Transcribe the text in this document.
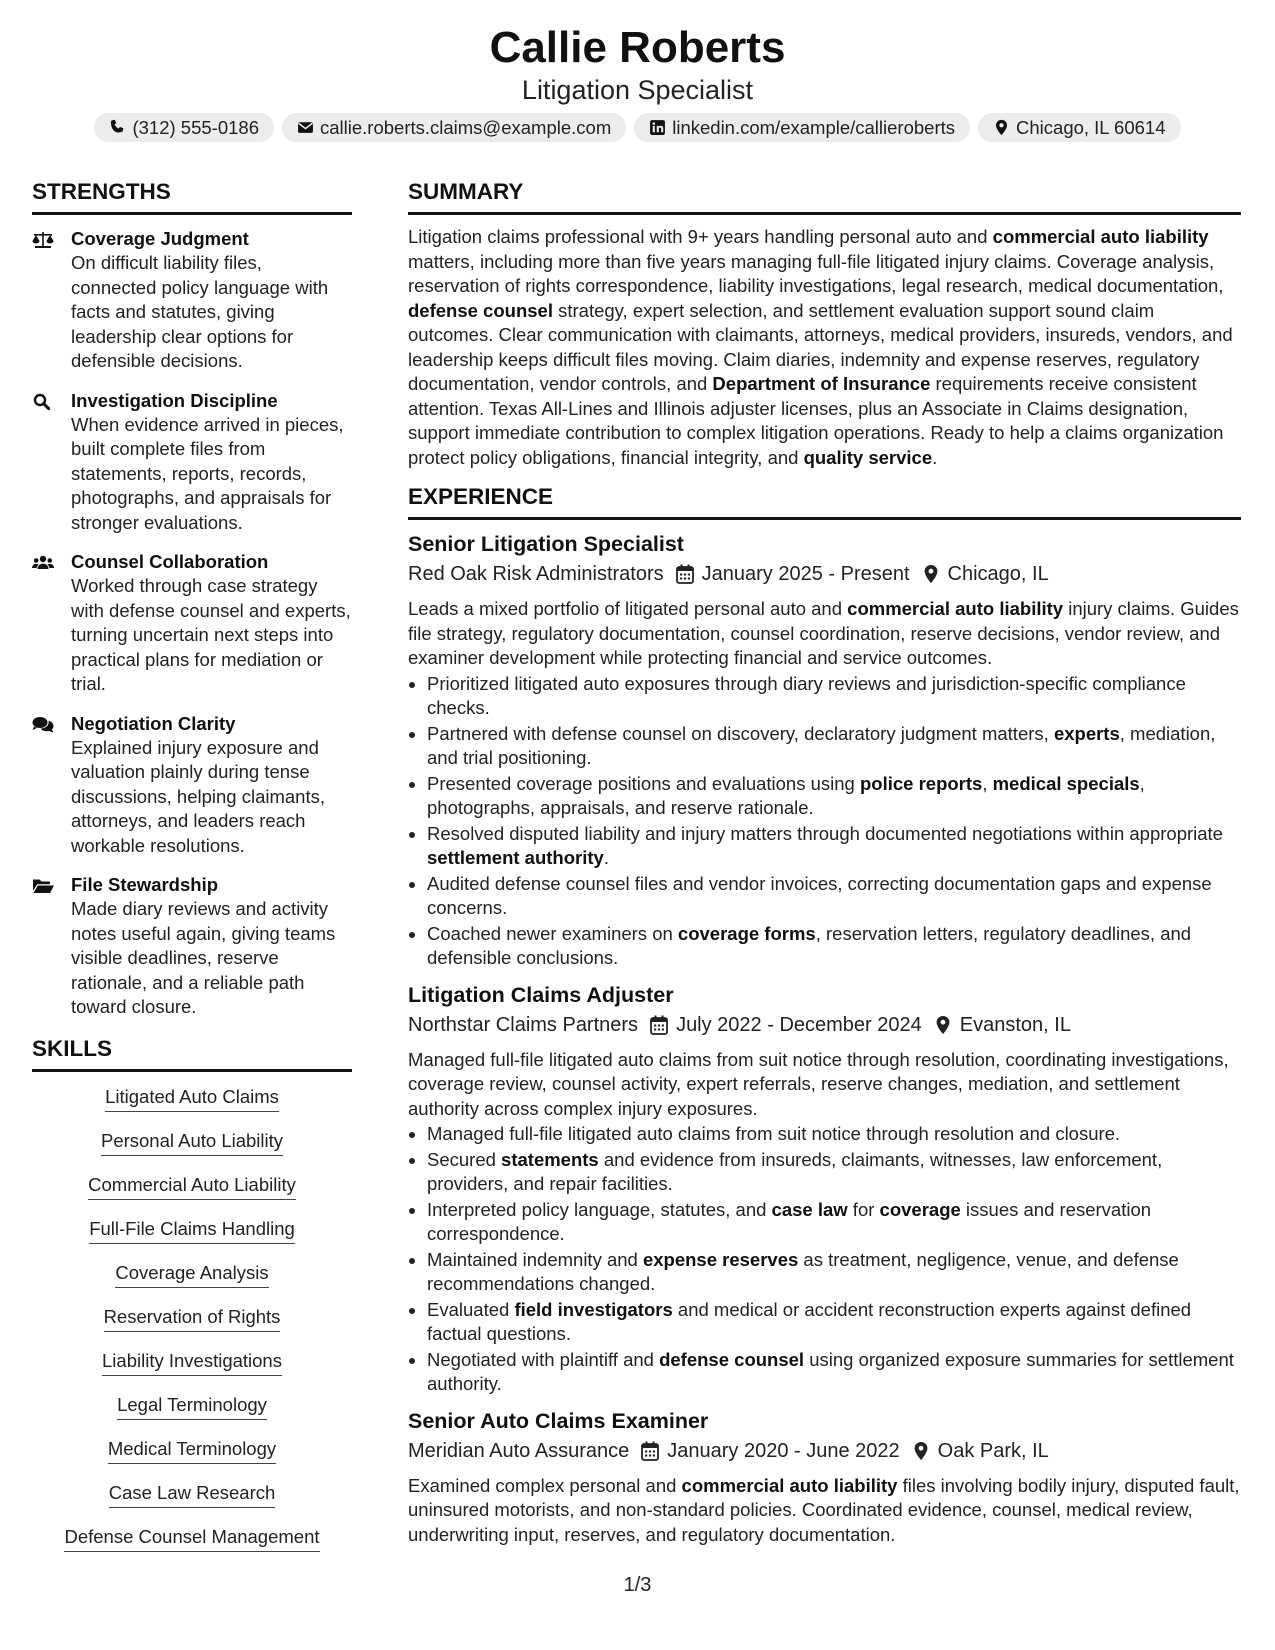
Callie Roberts
Litigation Specialist
(312) 555-0186	callie.roberts.claims@example.com	linkedin.com/example/callieroberts	Chicago, IL 60614
STRENGTHS
Coverage Judgment
On difficult liability files, connected policy language with facts and statutes, giving leadership clear options for defensible decisions.
Investigation Discipline
When evidence arrived in pieces, built complete files from statements, reports, records, photographs, and appraisals for stronger evaluations.
Counsel Collaboration
Worked through case strategy with defense counsel and experts, turning uncertain next steps into practical plans for mediation or trial.
Negotiation Clarity
Explained injury exposure and valuation plainly during tense discussions, helping claimants, attorneys, and leaders reach workable resolutions.
File Stewardship
Made diary reviews and activity notes useful again, giving teams visible deadlines, reserve rationale, and a reliable path toward closure.
SKILLS
Litigated Auto Claims
Personal Auto Liability
Commercial Auto Liability
Full-File Claims Handling
Coverage Analysis
Reservation of Rights
Liability Investigations
Legal Terminology
Medical Terminology
Case Law Research
Defense Counsel Management
SUMMARY
Litigation claims professional with 9+ years handling personal auto and commercial auto liability matters, including more than five years managing full-file litigated injury claims. Coverage analysis, reservation of rights correspondence, liability investigations, legal research, medical documentation, defense counsel strategy, expert selection, and settlement evaluation support sound claim outcomes. Clear communication with claimants, attorneys, medical providers, insureds, vendors, and leadership keeps difficult files moving. Claim diaries, indemnity and expense reserves, regulatory documentation, vendor controls, and Department of Insurance requirements receive consistent attention. Texas All-Lines and Illinois adjuster licenses, plus an Associate in Claims designation, support immediate contribution to complex litigation operations. Ready to help a claims organization protect policy obligations, financial integrity, and quality service.
EXPERIENCE
Senior Litigation Specialist
Red Oak Risk Administrators January 2025 - Present Chicago, IL
Leads a mixed portfolio of litigated personal auto and commercial auto liability injury claims. Guides file strategy, regulatory documentation, counsel coordination, reserve decisions, vendor review, and examiner development while protecting financial and service outcomes.
• Prioritized litigated auto exposures through diary reviews and jurisdiction-specific compliance checks.
• Partnered with defense counsel on discovery, declaratory judgment matters, experts, mediation, and trial positioning.
• Presented coverage positions and evaluations using police reports, medical specials, photographs, appraisals, and reserve rationale.
• Resolved disputed liability and injury matters through documented negotiations within appropriate settlement authority.
• Audited defense counsel files and vendor invoices, correcting documentation gaps and expense concerns.
• Coached newer examiners on coverage forms, reservation letters, regulatory deadlines, and defensible conclusions.
Litigation Claims Adjuster
Northstar Claims Partners July 2022 - December 2024 Evanston, IL
Managed full-file litigated auto claims from suit notice through resolution, coordinating investigations, coverage review, counsel activity, expert referrals, reserve changes, mediation, and settlement authority across complex injury exposures.
• Managed full-file litigated auto claims from suit notice through resolution and closure.
• Secured statements and evidence from insureds, claimants, witnesses, law enforcement, providers, and repair facilities.
• Interpreted policy language, statutes, and case law for coverage issues and reservation correspondence.
• Maintained indemnity and expense reserves as treatment, negligence, venue, and defense recommendations changed.
• Evaluated field investigators and medical or accident reconstruction experts against defined factual questions.
• Negotiated with plaintiff and defense counsel using organized exposure summaries for settlement authority.
Senior Auto Claims Examiner
Meridian Auto Assurance January 2020 - June 2022 Oak Park, IL
Examined complex personal and commercial auto liability files involving bodily injury, disputed fault, uninsured motorists, and non-standard policies. Coordinated evidence, counsel, medical review, underwriting input, reserves, and regulatory documentation.
1/3
